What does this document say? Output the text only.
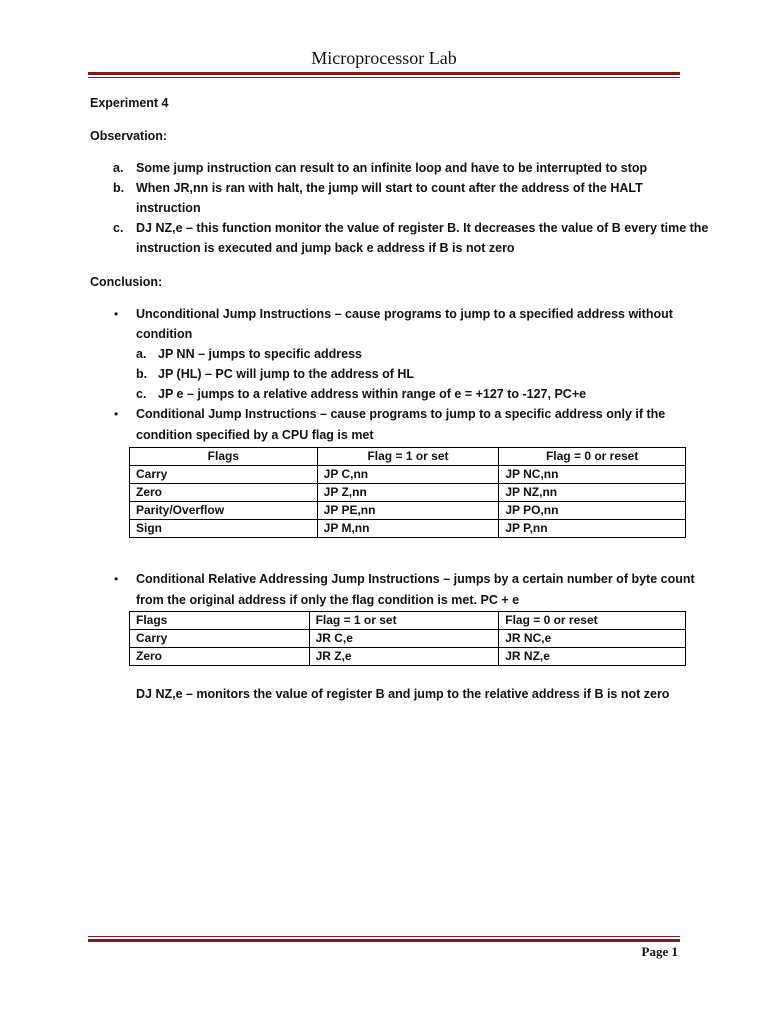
Microprocessor Lab
Experiment 4
Observation:
a. Some jump instruction can result to an infinite loop and have to be interrupted to stop
b. When JR,nn is ran with halt, the jump will start to count after the address of the HALT
instruction
c. DJ NZ,e – this function monitor the value of register B. It decreases the value of B every time the
instruction is executed and jump back e address if B is not zero
Conclusion:
• Unconditional Jump Instructions – cause programs to jump to a specified address without
condition
a. JP NN – jumps to specific address
b. JP (HL) – PC will jump to the address of HL
c. JP e – jumps to a relative address within range of e = +127 to -127, PC+e
• Conditional Jump Instructions – cause programs to jump to a specific address only if the
condition specified by a CPU flag is met
Flags	Flag = 1 or set	Flag = 0 or reset
Carry	JP C,nn	JP NC,nn
Zero	JP Z,nn	JP NZ,nn
Parity/Overflow	JP PE,nn	JP PO,nn
Sign	JP M,nn	JP P,nn
• Conditional Relative Addressing Jump Instructions – jumps by a certain number of byte count
from the original address if only the flag condition is met. PC + e
Flags	Flag = 1 or set	Flag = 0 or reset
Carry	JR C,e	JR NC,e
Zero	JR Z,e	JR NZ,e
DJ NZ,e – monitors the value of register B and jump to the relative address if B is not zero
Page 1
